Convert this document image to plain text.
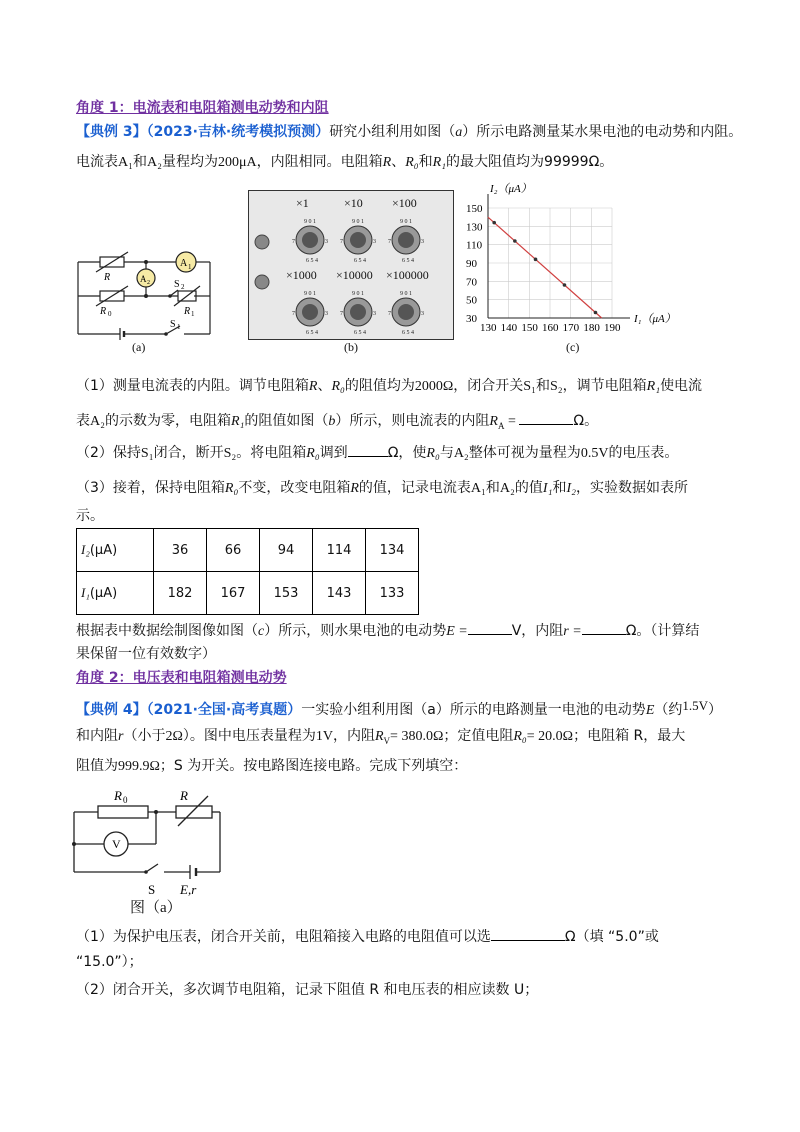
角度 1：电流表和电阻箱测电动势和内阻
【典例 3】（2023·吉林·统考模拟预测）研究小组利用如图（a）所示电路测量某水果电池的电动势和内阻。
电流表A₁和A₂量程均为200μA，内阻相同。电阻箱R、R₀和R₁的最大阻值均为99999Ω。
A 1
A 2
R
R 0
S 2
R 1
S 1
(a)
×1	×10 ×100
×1000 ×10000 ×100000
9 0 1	9 0 1	9 0 1
7	3 7	3 7	3
6 5 4	6 5 4	6 5 4
9 0 1	9 0 1	9 0 1
7	3 7	3 7	3
6 5 4	6 5 4	6 5 4
(b)
130 140 150 160 170 180 190
30
50
70
90
110
130
150
I₂（μA）
I₁（μA）
(c)
（1）测量电流表的内阻。调节电阻箱R、R₀的阻值均为2000Ω，闭合开关S₁和S₂，调节电阻箱R₁使电流
表A₂的示数为零，电阻箱R₁的阻值如图（b）所示，则电流表的内阻$R_A$ =	Ω。
（2）保持S₁闭合，断开S₂。将电阻箱R₀调到	Ω，使R₀与A₂整体可视为量程为0.5V的电压表。
（3）接着，保持电阻箱R₀不变，改变电阻箱R的值，记录电流表A₁和A₂的值I₁和I₂，实验数据如表所
示。
I₂(μA)	36	66	94	114	134
I₁(μA)	182	167	153	143	133
根据表中数据绘制图像如图（c）所示，则水果电池的电动势E =	V，内阻r =	Ω。（计算结
果保留一位有效数字）
角度 2：电压表和电阻箱测电动势
【典例 4】（2021·全国·高考真题）一实验小组利用图（a）所示的电路测量一电池的电动势E（约1.5V）
和内阻r（小于2Ω）。图中电压表量程为1V，内阻$R_V= 380.0\Omega$；定值电阻R₀= 20.0Ω；电阻箱 R，最大
阻值为999.9Ω；S 为开关。按电路图连接电路。完成下列填空：
V
R 0	R
S E,r
图（a）
（1）为保护电压表，闭合开关前，电阻箱接入电路的电阻值可以选	Ω（填 “5.0”或
“15.0”）；
（2）闭合开关，多次调节电阻箱，记录下阻值 R 和电压表的相应读数 U；
